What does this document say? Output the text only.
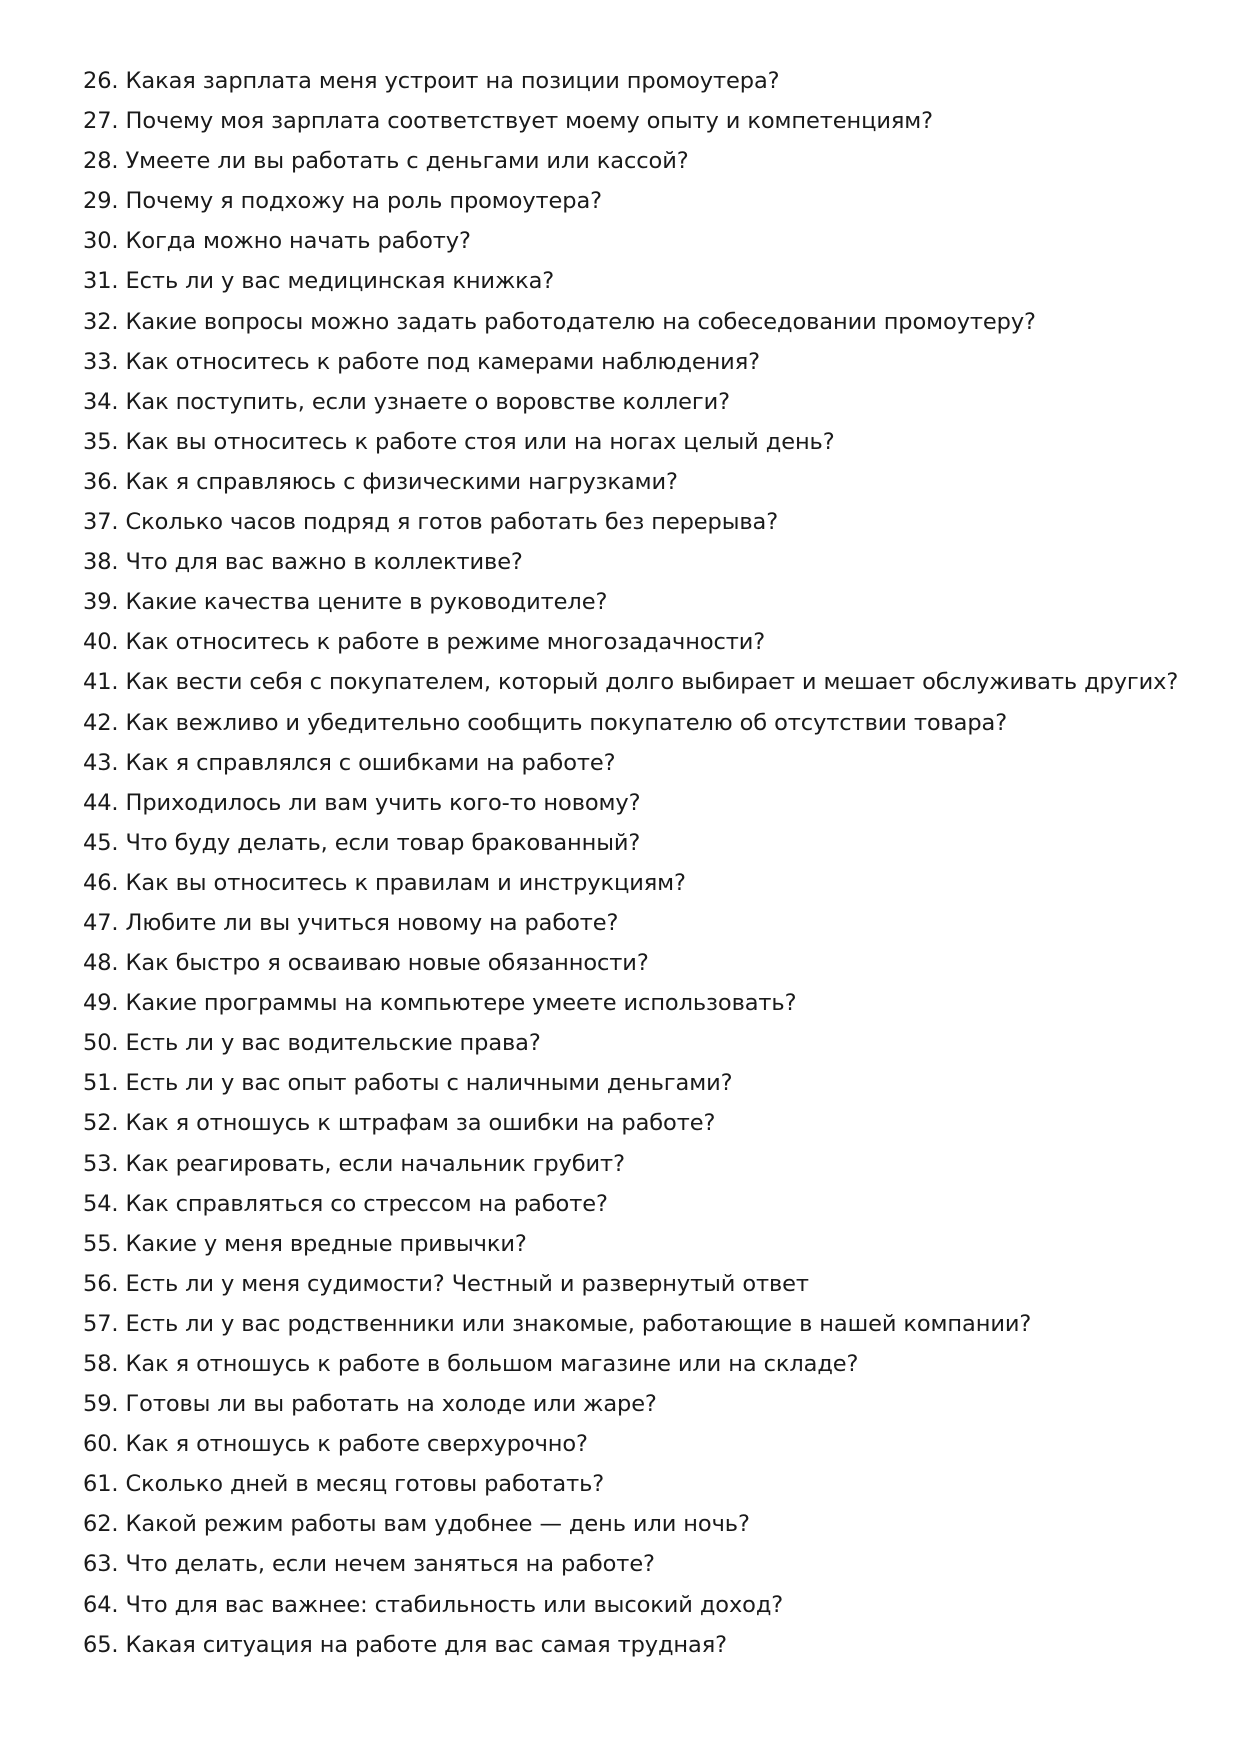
26. Какая зарплата меня устроит на позиции промоутера?
27. Почему моя зарплата соответствует моему опыту и компетенциям?
28. Умеете ли вы работать с деньгами или кассой?
29. Почему я подхожу на роль промоутера?
30. Когда можно начать работу?
31. Есть ли у вас медицинская книжка?
32. Какие вопросы можно задать работодателю на собеседовании промоутеру?
33. Как относитесь к работе под камерами наблюдения?
34. Как поступить, если узнаете о воровстве коллеги?
35. Как вы относитесь к работе стоя или на ногах целый день?
36. Как я справляюсь с физическими нагрузками?
37. Сколько часов подряд я готов работать без перерыва?
38. Что для вас важно в коллективе?
39. Какие качества цените в руководителе?
40. Как относитесь к работе в режиме многозадачности?
41. Как вести себя с покупателем, который долго выбирает и мешает обслуживать других?
42. Как вежливо и убедительно сообщить покупателю об отсутствии товара?
43. Как я справлялся с ошибками на работе?
44. Приходилось ли вам учить кого-то новому?
45. Что буду делать, если товар бракованный?
46. Как вы относитесь к правилам и инструкциям?
47. Любите ли вы учиться новому на работе?
48. Как быстро я осваиваю новые обязанности?
49. Какие программы на компьютере умеете использовать?
50. Есть ли у вас водительские права?
51. Есть ли у вас опыт работы с наличными деньгами?
52. Как я отношусь к штрафам за ошибки на работе?
53. Как реагировать, если начальник грубит?
54. Как справляться со стрессом на работе?
55. Какие у меня вредные привычки?
56. Есть ли у меня судимости? Честный и развернутый ответ
57. Есть ли у вас родственники или знакомые, работающие в нашей компании?
58. Как я отношусь к работе в большом магазине или на складе?
59. Готовы ли вы работать на холоде или жаре?
60. Как я отношусь к работе сверхурочно?
61. Сколько дней в месяц готовы работать?
62. Какой режим работы вам удобнее — день или ночь?
63. Что делать, если нечем заняться на работе?
64. Что для вас важнее: стабильность или высокий доход?
65. Какая ситуация на работе для вас самая трудная?
